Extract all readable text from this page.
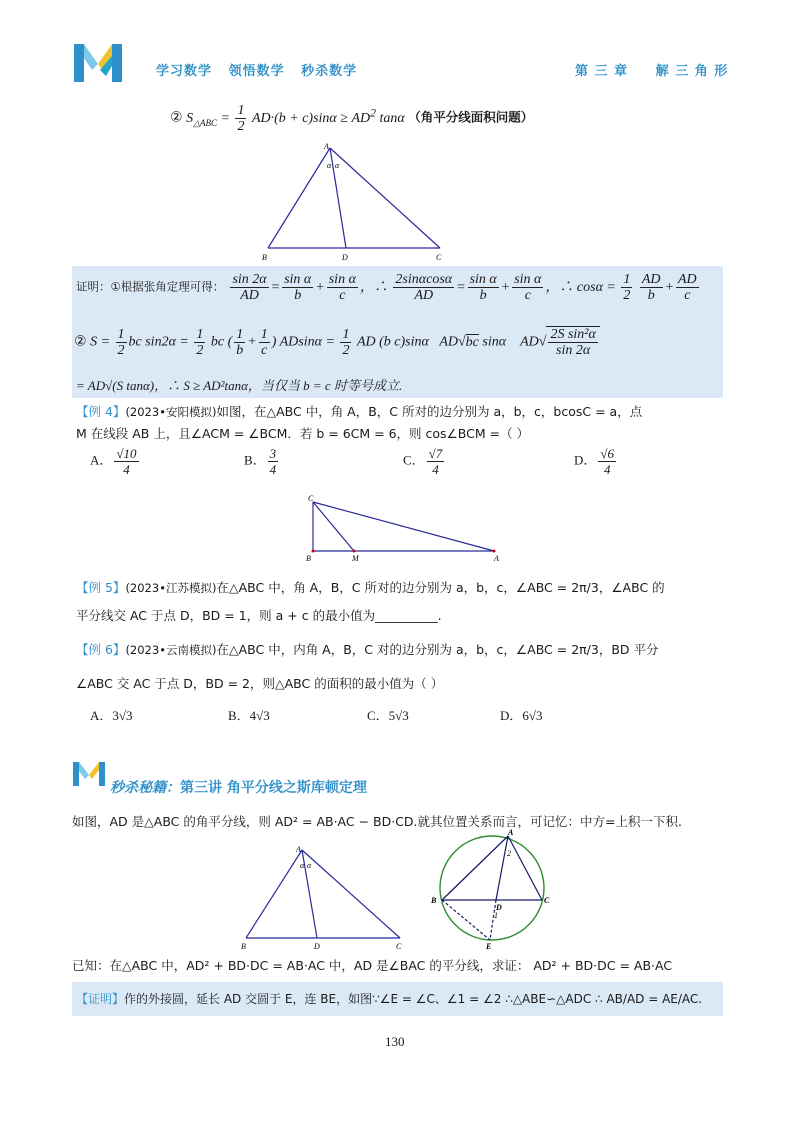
学习数学   领悟数学   秒杀数学	第 三 章     解 三 角 形
② $S_{\triangle ABC} = \frac{1}{2} AD\cdot(b + c)\sin\alpha \ge AD^2$ tanα （角平分线面积问题）
A
α α
B	D	C
证明：①根据张角定理可得： $\frac{\sin 2\alpha}{AD} = \frac{\text{sin α}}{b} + \frac{\text{sin α}}{c}$ ，∴ $\frac{2\sin\alpha\cos\alpha}{AD} = \frac{\text{sin α}}{b} + \frac{\text{sin α}}{c}$ ，∴ $\cos\alpha = \frac{1}{2}$
$\frac{AD}{b} + \frac{AD}{c}$
② $S = \frac{1}{2}$ bc $\sin 2\alpha = \frac{1}{2}$ bc ( $\frac{1}{b} + \frac{1}{c}$ ) $ADsin\alpha = \frac{1}{2}$ AD (b c)sinα   AD√bc sinα    $AD√ \frac{\text{2S sin²α}}{\sin 2\alpha}$
= AD√(S tanα)，∴ S ≥ AD²tanα，当仅当 b = c 时等号成立.
【例 4】(2023•安阳模拟)如图，在△ABC 中，角 A，B，C 所对的边分别为 a，b，c，bcosC = a，点
M 在线段 AB 上，且∠ACM = ∠BCM．若 b = 6CM = 6，则 cos∠BCM =（ ）
A． $\frac{√10}{4}$	B． $\frac{3}{4}$	C． $\frac{√7}{4}$	D． $\frac{√6}{4}$
C
B	M	A
【例 5】(2023•江苏模拟)在△ABC 中，角 A，B，C 所对的边分别为 a，b，c，∠ABC = 2π/3，∠ABC 的
平分线交 AC 于点 D，BD = 1，则 a + c 的最小值为__________.
【例 6】(2023•云南模拟)在△ABC 中，内角 A，B，C 对的边分别为 a，b，c，∠ABC = 2π/3，BD 平分
∠ABC 交 AC 于点 D，BD = 2，则△ABC 的面积的最小值为（ ）
A．3√3	B．4√3	C．5√3	D．6√3
秒杀秘籍：第三讲 角平分线之斯库顿定理
如图，AD 是△ABC 的角平分线，则 AD² = AB·AC − BD·CD.就其位置关系而言，可记忆：中方=上积一下积.
A
α α
B	D	C
A
B	C
D
E
1
2
已知：在△ABC 中，AD² + BD·DC = AB·AC 中，AD 是∠BAC 的平分线，求证： AD² + BD·DC = AB·AC
【证明】作的外接圆，延长 AD 交圆于 E，连 BE，如图∵∠E = ∠C、∠1 = ∠2 ∴△ABE∽△ADC ∴ AB/AD = AE/AC.
130
